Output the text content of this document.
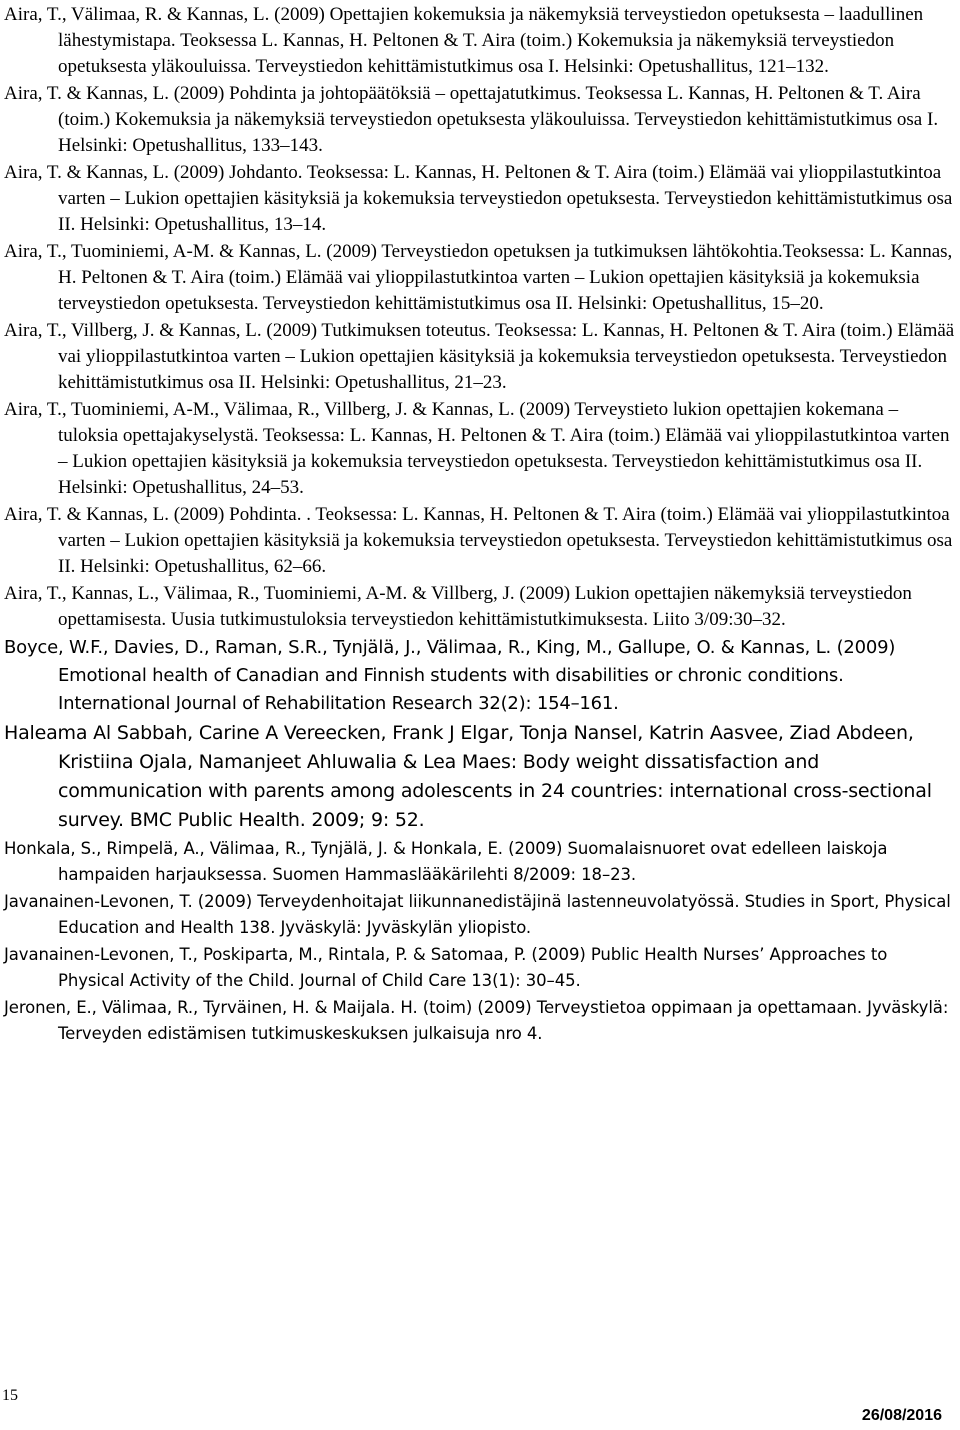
Aira, T., Välimaa, R. & Kannas, L. (2009) Opettajien kokemuksia ja näkemyksiä terveystiedon opetuksesta – laadullinen lähestymistapa. Teoksessa L. Kannas, H. Peltonen & T. Aira (toim.) Kokemuksia ja näkemyksiä terveystiedon opetuksesta yläkouluissa. Terveystiedon kehittämistutkimus osa I. Helsinki: Opetushallitus, 121–132.
Aira, T. & Kannas, L. (2009) Pohdinta ja johtopäätöksiä – opettajatutkimus. Teoksessa L. Kannas, H. Peltonen & T. Aira (toim.) Kokemuksia ja näkemyksiä terveystiedon opetuksesta yläkouluissa. Terveystiedon kehittämistutkimus osa I. Helsinki: Opetushallitus, 133–143.
Aira, T. & Kannas, L. (2009) Johdanto. Teoksessa: L. Kannas, H. Peltonen & T. Aira (toim.) Elämää vai ylioppilastutkintoa varten – Lukion opettajien käsityksiä ja kokemuksia terveystiedon opetuksesta. Terveystiedon kehittämistutkimus osa II. Helsinki: Opetushallitus, 13–14.
Aira, T., Tuominiemi, A-M. & Kannas, L. (2009) Terveystiedon opetuksen ja tutkimuksen lähtökohtia.Teoksessa: L. Kannas, H. Peltonen & T. Aira (toim.) Elämää vai ylioppilastutkintoa varten – Lukion opettajien käsityksiä ja kokemuksia terveystiedon opetuksesta. Terveystiedon kehittämistutkimus osa II. Helsinki: Opetushallitus, 15–20.
Aira, T., Villberg, J. & Kannas, L. (2009) Tutkimuksen toteutus. Teoksessa: L. Kannas, H. Peltonen & T. Aira (toim.) Elämää vai ylioppilastutkintoa varten – Lukion opettajien käsityksiä ja kokemuksia terveystiedon opetuksesta. Terveystiedon kehittämistutkimus osa II. Helsinki: Opetushallitus, 21–23.
Aira, T., Tuominiemi, A-M., Välimaa, R., Villberg, J. & Kannas, L. (2009) Terveystieto lukion opettajien kokemana – tuloksia opettajakyselystä. Teoksessa: L. Kannas, H. Peltonen & T. Aira (toim.) Elämää vai ylioppilastutkintoa varten – Lukion opettajien käsityksiä ja kokemuksia terveystiedon opetuksesta. Terveystiedon kehittämistutkimus osa II. Helsinki: Opetushallitus, 24–53.
Aira, T. & Kannas, L. (2009) Pohdinta. . Teoksessa: L. Kannas, H. Peltonen & T. Aira (toim.) Elämää vai ylioppilastutkintoa varten – Lukion opettajien käsityksiä ja kokemuksia terveystiedon opetuksesta. Terveystiedon kehittämistutkimus osa II. Helsinki: Opetushallitus, 62–66.
Aira, T., Kannas, L., Välimaa, R., Tuominiemi, A-M. & Villberg, J. (2009) Lukion opettajien näkemyksiä terveystiedon opettamisesta. Uusia tutkimustuloksia terveystiedon kehittämistutkimuksesta. Liito 3/09:30–32.
Boyce, W.F., Davies, D., Raman, S.R., Tynjälä, J., Välimaa, R., King, M., Gallupe, O. & Kannas, L. (2009) Emotional health of Canadian and Finnish students with disabilities or chronic conditions. International Journal of Rehabilitation Research 32(2): 154–161.
Haleama Al Sabbah, Carine A Vereecken, Frank J Elgar, Tonja Nansel, Katrin Aasvee, Ziad Abdeen, Kristiina Ojala, Namanjeet Ahluwalia & Lea Maes: Body weight dissatisfaction and communication with parents among adolescents in 24 countries: international cross-sectional survey. BMC Public Health. 2009; 9: 52.
Honkala, S., Rimpelä, A., Välimaa, R., Tynjälä, J. & Honkala, E. (2009) Suomalaisnuoret ovat edelleen laiskoja hampaiden harjauksessa. Suomen Hammaslääkärilehti 8/2009: 18–23.
Javanainen-Levonen, T. (2009) Terveydenhoitajat liikunnanedistäjinä lastenneuvolatyössä. Studies in Sport, Physical Education and Health 138. Jyväskylä: Jyväskylän yliopisto.
Javanainen-Levonen, T., Poskiparta, M., Rintala, P. & Satomaa, P. (2009) Public Health Nurses’ Approaches to Physical Activity of the Child. Journal of Child Care 13(1): 30–45.
Jeronen, E., Välimaa, R., Tyrväinen, H. & Maijala. H. (toim) (2009) Terveystietoa oppimaan ja opettamaan. Jyväskylä: Terveyden edistämisen tutkimuskeskuksen julkaisuja nro 4.
15
26/08/2016
